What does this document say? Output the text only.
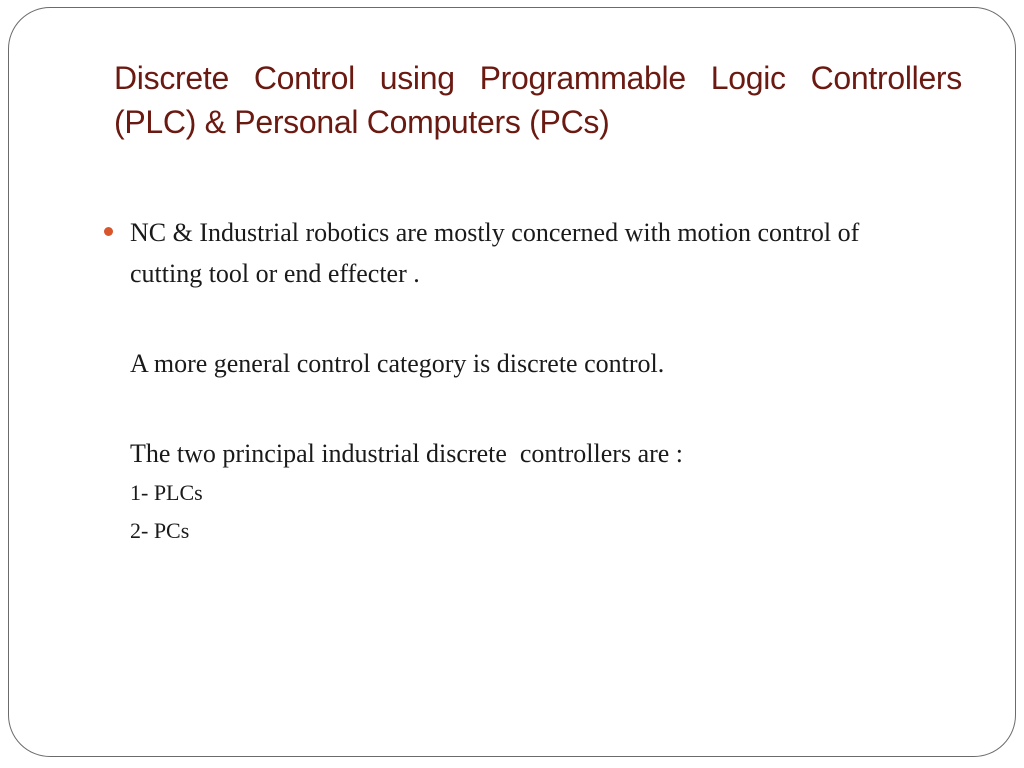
Discrete Control using Programmable Logic Controllers (PLC) & Personal Computers (PCs)

NC & Industrial robotics are mostly concerned with motion control of cutting tool or end effecter .

A more general control category is discrete control.

The two principal industrial discrete  controllers are :

1- PLCs

2- PCs
